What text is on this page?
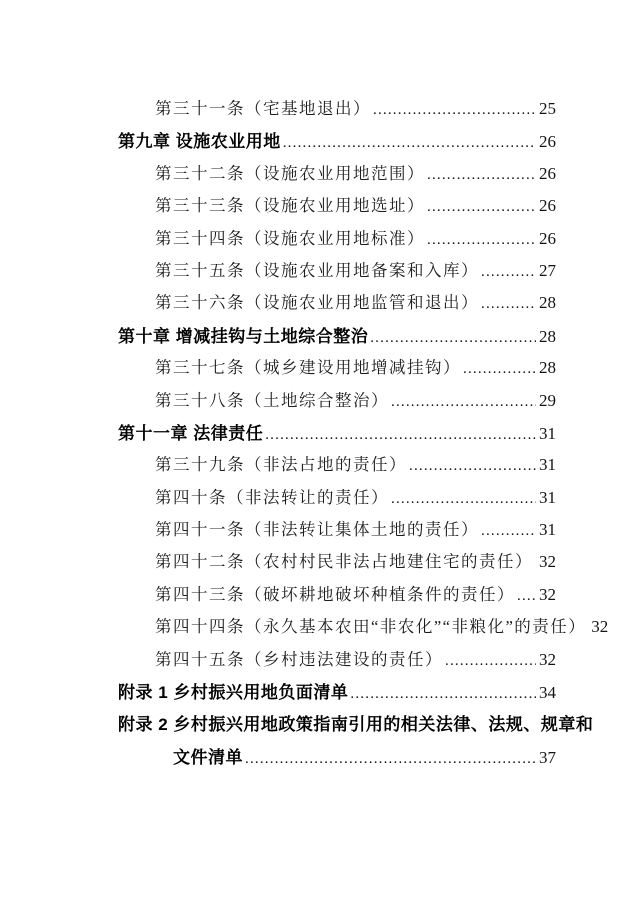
第三十一条（宅基地退出） .....	25
第九章 设施农业用地 .....	26
第三十二条（设施农业用地范围） .....	26
第三十三条（设施农业用地选址） .....	26
第三十四条（设施农业用地标准） .....	26
第三十五条（设施农业用地备案和入库） .....	27
第三十六条（设施农业用地监管和退出） .....	28
第十章 增减挂钩与土地综合整治 .....	28
第三十七条（城乡建设用地增减挂钩） .....	28
第三十八条（土地综合整治） .....	29
第十一章 法律责任 .....	31
第三十九条（非法占地的责任） .....	31
第四十条（非法转让的责任） .....	31
第四十一条（非法转让集体土地的责任） .....	31
第四十二条（农村村民非法占地建住宅的责任） ..... 32
第四十三条（破坏耕地破坏种植条件的责任） ..... 32
第四十四条（永久基本农田“非农化”“非粮化”的责任） 32
第四十五条（乡村违法建设的责任） .....	32
附录 1 乡村振兴用地负面清单 .....	34
附录 2 乡村振兴用地政策指南引用的相关法律、法规、规章和
文件清单 .....	37
